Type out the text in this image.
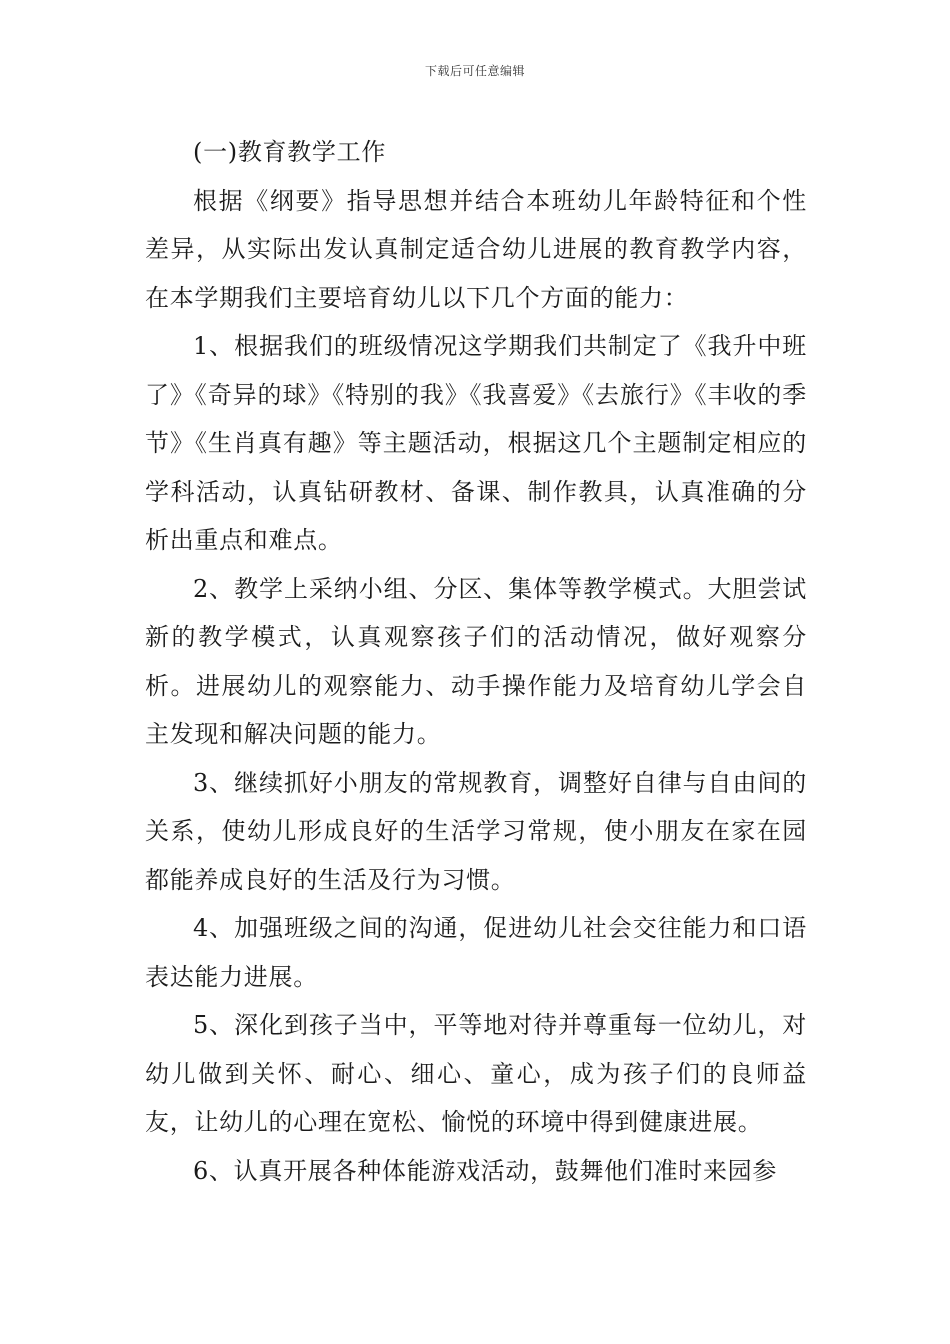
下载后可任意编辑

(一)教育教学工作

根据《纲要》指导思想并结合本班幼儿年龄特征和个性差异，从实际出发认真制定适合幼儿进展的教育教学内容，在本学期我们主要培育幼儿以下几个方面的能力：

1、根据我们的班级情况这学期我们共制定了《我升中班了》《奇异的球》《特别的我》《我喜爱》《去旅行》《丰收的季节》《生肖真有趣》等主题活动，根据这几个主题制定相应的学科活动，认真钻研教材、备课、制作教具，认真准确的分析出重点和难点。

2、教学上采纳小组、分区、集体等教学模式。大胆尝试新的教学模式，认真观察孩子们的活动情况，做好观察分析。进展幼儿的观察能力、动手操作能力及培育幼儿学会自主发现和解决问题的能力。

3、继续抓好小朋友的常规教育，调整好自律与自由间的关系，使幼儿形成良好的生活学习常规，使小朋友在家在园都能养成良好的生活及行为习惯。

4、加强班级之间的沟通，促进幼儿社会交往能力和口语表达能力进展。

5、深化到孩子当中，平等地对待并尊重每一位幼儿，对幼儿做到关怀、耐心、细心、童心，成为孩子们的良师益友，让幼儿的心理在宽松、愉悦的环境中得到健康进展。

6、认真开展各种体能游戏活动，鼓舞他们准时来园参
